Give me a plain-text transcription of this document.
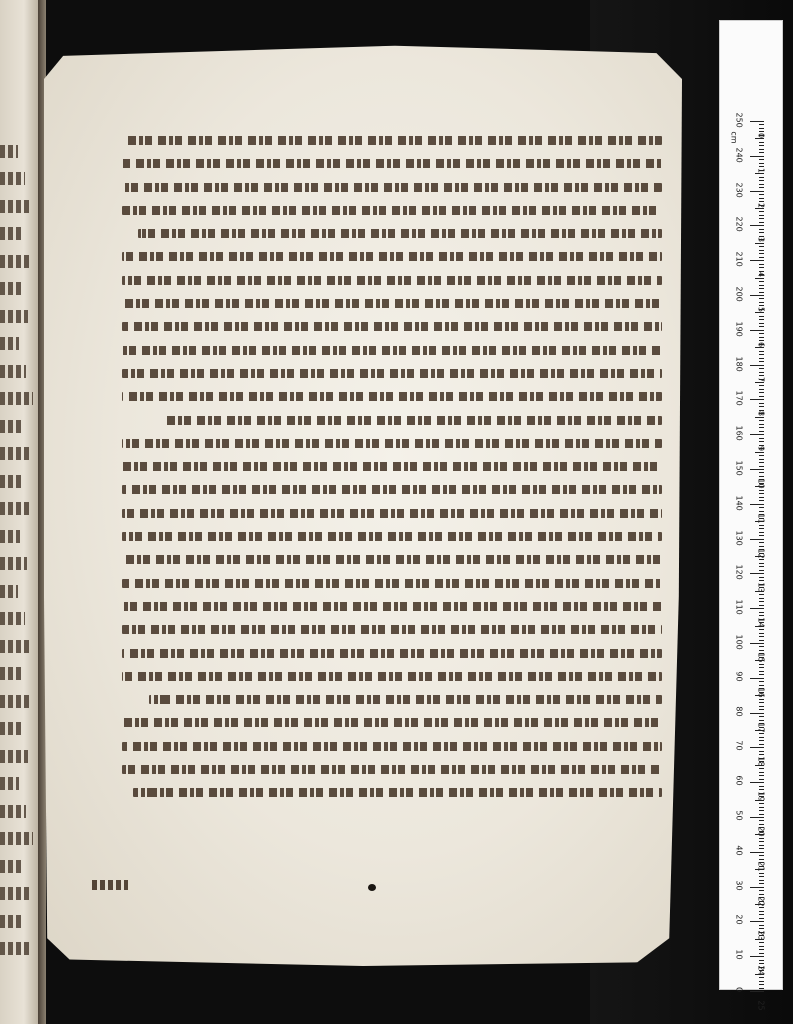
cm 0
1
2
3
4
5
6
7
8
9
10
11
12
13
14
15
16
17
18
19
20
21
22
23
24
25
250
240
230
220
210
200
190
180
170
160
150
140
130
120
110
100
90
80
70
60
50
40
30
20
10
0
